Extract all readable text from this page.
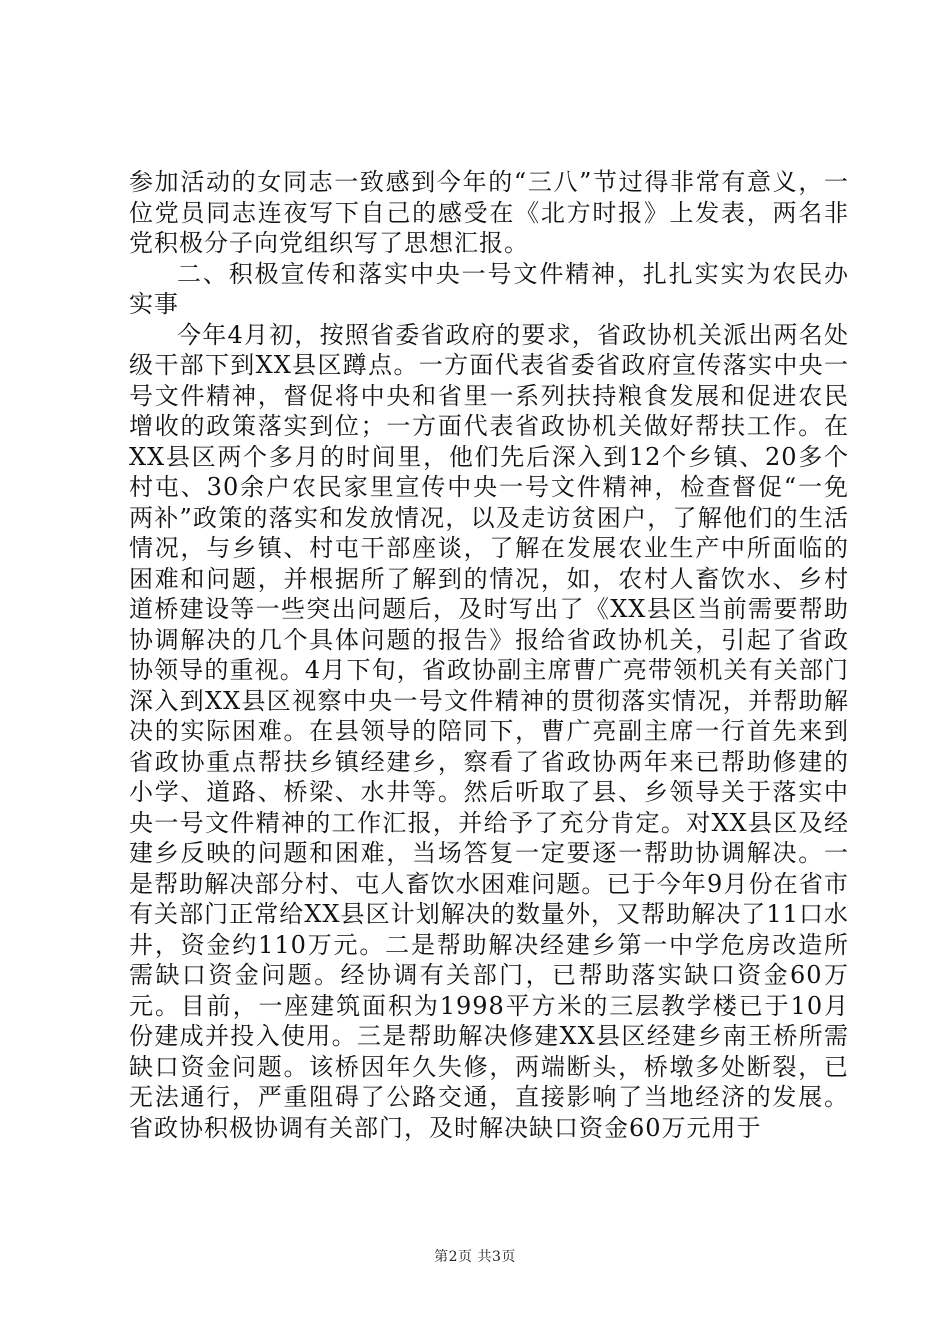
参加活动的女同志一致感到今年的“三八”节过得非常有意义，一位党员同志连夜写下自己的感受在《北方时报》上发表，两名非党积极分子向党组织写了思想汇报。

二、积极宣传和落实中央一号文件精神，扎扎实实为农民办实事

今年4月初，按照省委省政府的要求，省政协机关派出两名处级干部下到XX县区蹲点。一方面代表省委省政府宣传落实中央一号文件精神，督促将中央和省里一系列扶持粮食发展和促进农民增收的政策落实到位；一方面代表省政协机关做好帮扶工作。在XX县区两个多月的时间里，他们先后深入到12个乡镇、20多个村屯、30余户农民家里宣传中央一号文件精神，检查督促“一免两补”政策的落实和发放情况，以及走访贫困户，了解他们的生活情况，与乡镇、村屯干部座谈，了解在发展农业生产中所面临的困难和问题，并根据所了解到的情况，如，农村人畜饮水、乡村道桥建设等一些突出问题后，及时写出了《XX县区当前需要帮助协调解决的几个具体问题的报告》报给省政协机关，引起了省政协领导的重视。4月下旬，省政协副主席曹广亮带领机关有关部门深入到XX县区视察中央一号文件精神的贯彻落实情况，并帮助解决的实际困难。在县领导的陪同下，曹广亮副主席一行首先来到省政协重点帮扶乡镇经建乡，察看了省政协两年来已帮助修建的小学、道路、桥梁、水井等。然后听取了县、乡领导关于落实中央一号文件精神的工作汇报，并给予了充分肯定。对XX县区及经建乡反映的问题和困难，当场答复一定要逐一帮助协调解决。一是帮助解决部分村、屯人畜饮水困难问题。已于今年9月份在省市有关部门正常给XX县区计划解决的数量外，又帮助解决了11口水井，资金约110万元。二是帮助解决经建乡第一中学危房改造所需缺口资金问题。经协调有关部门，已帮助落实缺口资金60万元。目前，一座建筑面积为1998平方米的三层教学楼已于10月份建成并投入使用。三是帮助解决修建XX县区经建乡南王桥所需缺口资金问题。该桥因年久失修，两端断头，桥墩多处断裂，已无法通行，严重阻碍了公路交通，直接影响了当地经济的发展。省政协积极协调有关部门，及时解决缺口资金60万元用于

第2页 共3页
